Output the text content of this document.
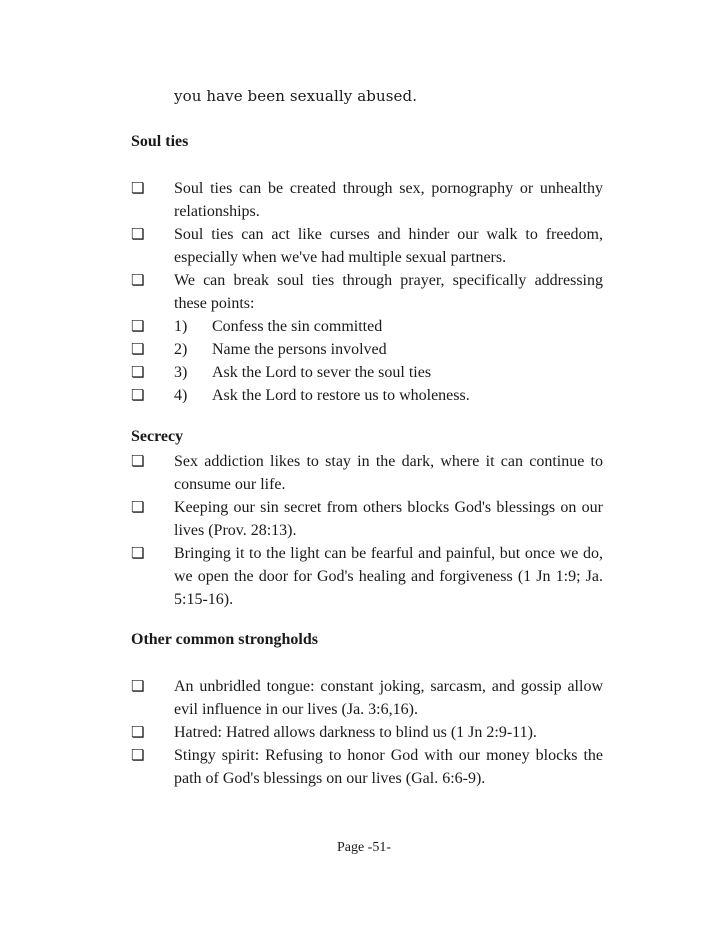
you have been sexually abused.
Soul ties
❏	Soul ties can be created through sex, pornography or unhealthy relationships.
❏	Soul ties can act like curses and hinder our walk to freedom, especially when we've had multiple sexual partners.
❏	We can break soul ties through prayer, specifically addressing these points:
❏	1) Confess the sin committed
❏	2) Name the persons involved
❏	3) Ask the Lord to sever the soul ties
❏	4) Ask the Lord to restore us to wholeness.
Secrecy
❏	Sex addiction likes to stay in the dark, where it can continue to consume our life.
❏	Keeping our sin secret from others blocks God's blessings on our lives (Prov. 28:13).
❏	Bringing it to the light can be fearful and painful, but once we do, we open the door for God's healing and forgiveness (1 Jn 1:9; Ja. 5:15-16).
Other common strongholds
❏	An unbridled tongue: constant joking, sarcasm, and gossip allow evil influence in our lives (Ja. 3:6,16).
❏	Hatred: Hatred allows darkness to blind us (1 Jn 2:9-11).
❏	Stingy spirit: Refusing to honor God with our money blocks the path of God's blessings on our lives (Gal. 6:6-9).
Page -51-
